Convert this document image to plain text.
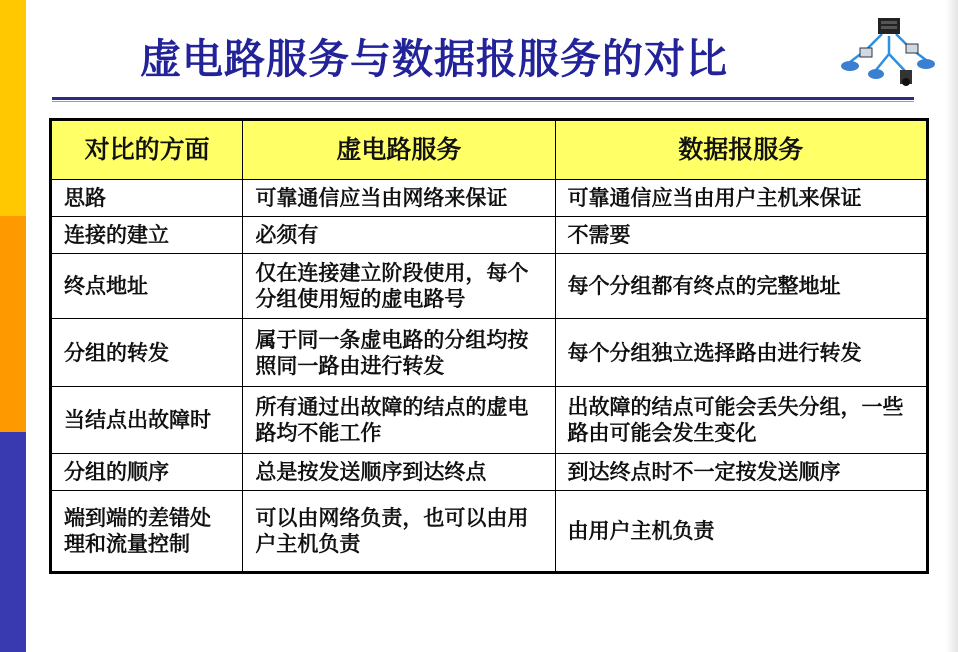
虚电路服务与数据报服务的对比
对比的方面	虚电路服务	数据报服务
思路	可靠通信应当由网络来保证	可靠通信应当由用户主机来保证
连接的建立	必须有	不需要
终点地址	仅在连接建立阶段使用，每个分组使用短的虚电路号	每个分组都有终点的完整地址
分组的转发	属于同一条虚电路的分组均按照同一路由进行转发	每个分组独立选择路由进行转发
当结点出故障时	所有通过出故障的结点的虚电路均不能工作	出故障的结点可能会丢失分组，一些路由可能会发生变化
分组的顺序	总是按发送顺序到达终点	到达终点时不一定按发送顺序
端到端的差错处理和流量控制	可以由网络负责，也可以由用户主机负责	由用户主机负责
